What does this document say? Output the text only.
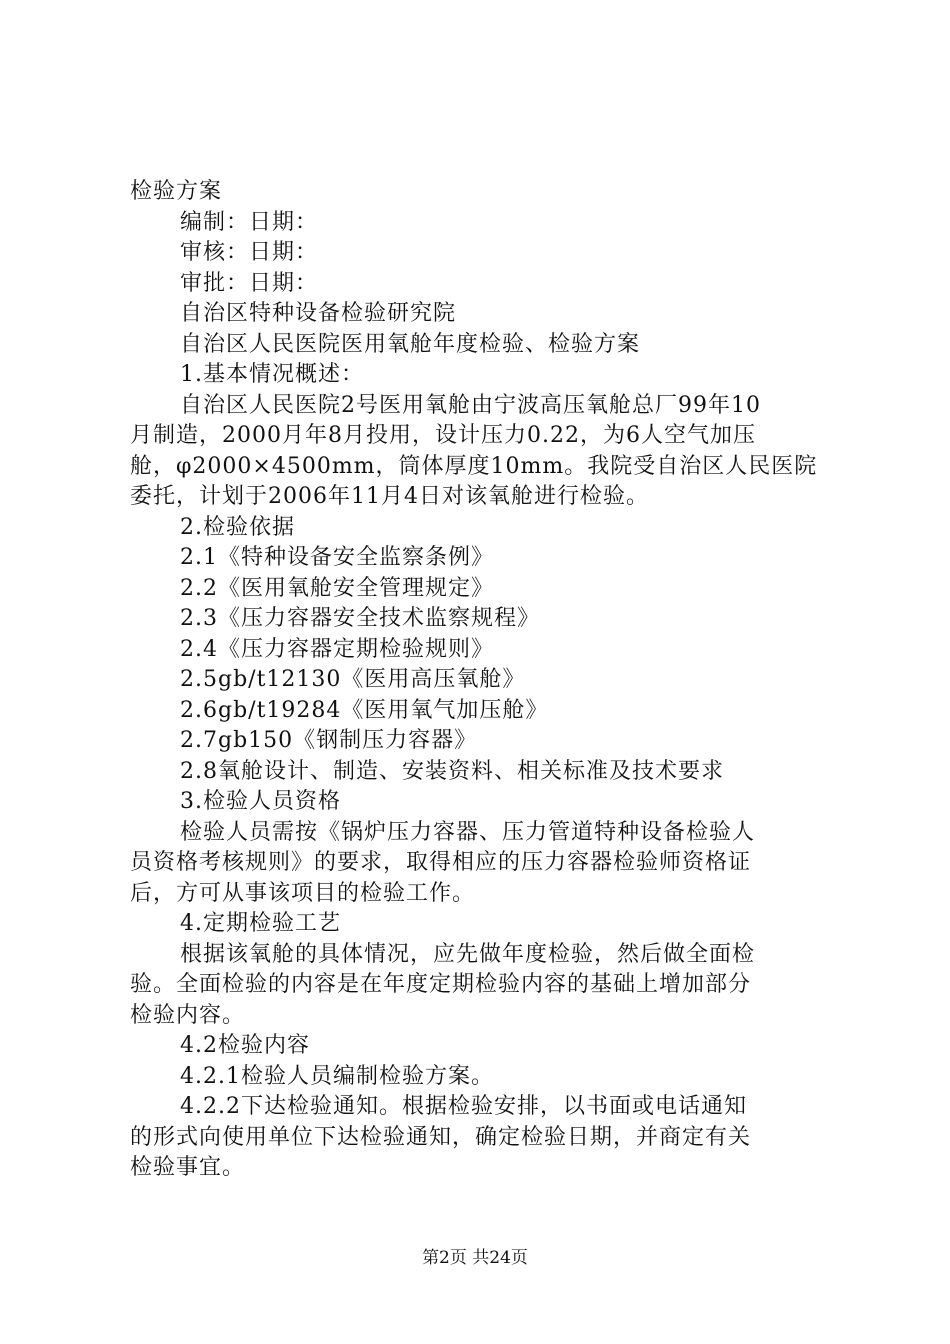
检验方案
编制：日期：
审核：日期：
审批：日期：
自治区特种设备检验研究院
自治区人民医院医用氧舱年度检验、检验方案
1.基本情况概述：
自治区人民医院2号医用氧舱由宁波高压氧舱总厂99年10
月制造，2000月年8月投用，设计压力0.22，为6人空气加压
舱，φ2000×4500mm，筒体厚度10mm。我院受自治区人民医院
委托，计划于2006年11月4日对该氧舱进行检验。
2.检验依据
2.1《特种设备安全监察条例》
2.2《医用氧舱安全管理规定》
2.3《压力容器安全技术监察规程》
2.4《压力容器定期检验规则》
2.5gb/t12130《医用高压氧舱》
2.6gb/t19284《医用氧气加压舱》
2.7gb150《钢制压力容器》
2.8氧舱设计、制造、安装资料、相关标准及技术要求
3.检验人员资格
检验人员需按《锅炉压力容器、压力管道特种设备检验人
员资格考核规则》的要求，取得相应的压力容器检验师资格证
后，方可从事该项目的检验工作。
4.定期检验工艺
根据该氧舱的具体情况，应先做年度检验，然后做全面检
验。全面检验的内容是在年度定期检验内容的基础上增加部分
检验内容。
4.2检验内容
4.2.1检验人员编制检验方案。
4.2.2下达检验通知。根据检验安排，以书面或电话通知
的形式向使用单位下达检验通知，确定检验日期，并商定有关
检验事宜。
第2页 共24页
